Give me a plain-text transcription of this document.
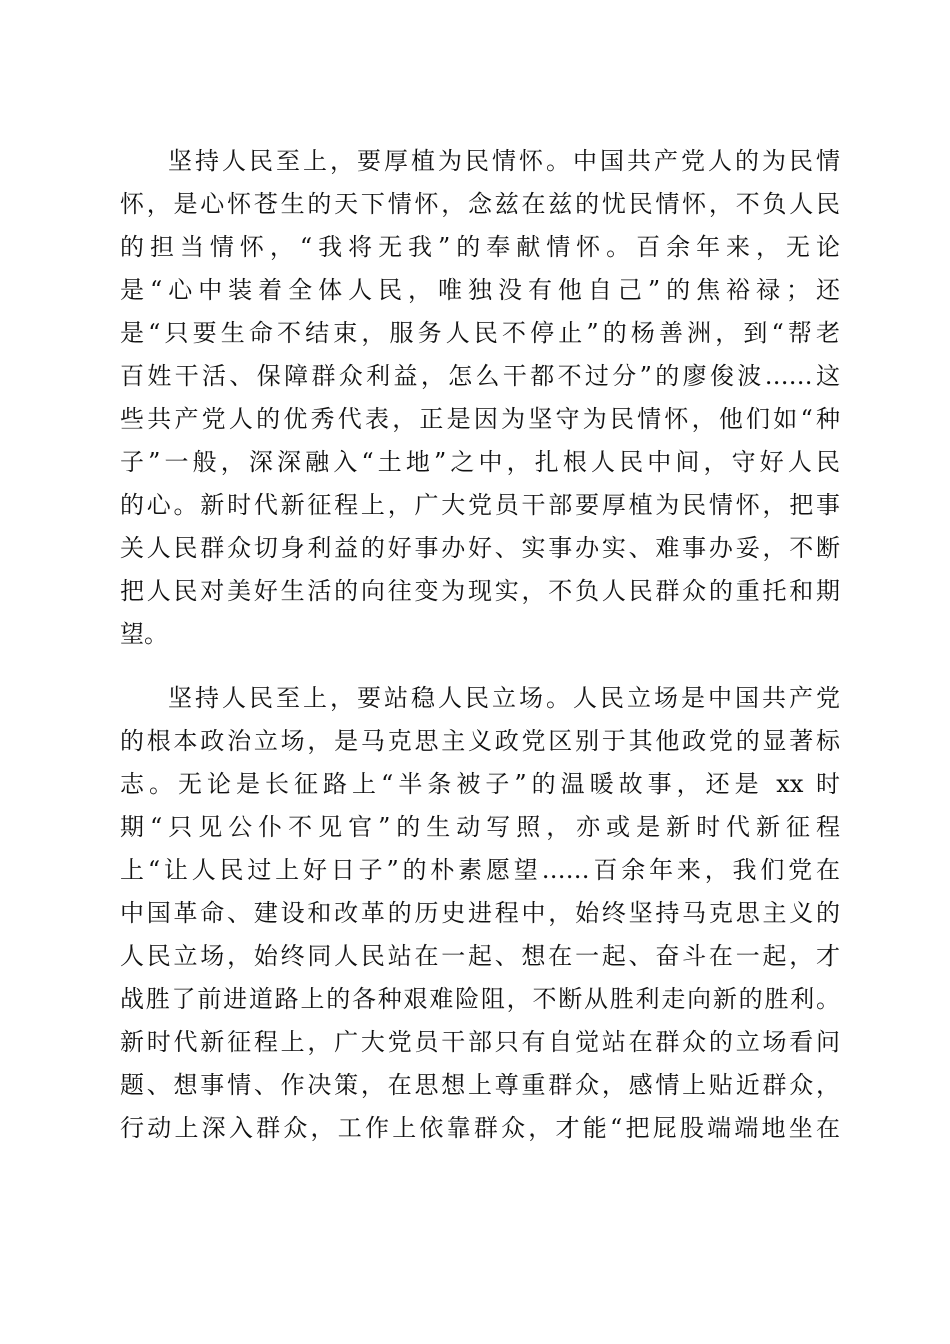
坚持人民至上，要厚植为民情怀。中国共产党人的为民情

怀，是心怀苍生的天下情怀，念兹在兹的忧民情怀，不负人民

的担当情怀，“我将无我”的奉献情怀。百余年来，无论

是“心中装着全体人民，唯独没有他自己”的焦裕禄；还

是“只要生命不结束，服务人民不停止”的杨善洲，到“帮老

百姓干活、保障群众利益，怎么干都不过分”的廖俊波……这

些共产党人的优秀代表，正是因为坚守为民情怀，他们如“种

子”一般，深深融入“土地”之中，扎根人民中间，守好人民

的心。新时代新征程上，广大党员干部要厚植为民情怀，把事

关人民群众切身利益的好事办好、实事办实、难事办妥，不断

把人民对美好生活的向往变为现实，不负人民群众的重托和期

望。

坚持人民至上，要站稳人民立场。人民立场是中国共产党

的根本政治立场，是马克思主义政党区别于其他政党的显著标

志。无论是长征路上“半条被子”的温暖故事，还是 xx 时

期“只见公仆不见官”的生动写照，亦或是新时代新征程

上“让人民过上好日子”的朴素愿望……百余年来，我们党在

中国革命、建设和改革的历史进程中，始终坚持马克思主义的

人民立场，始终同人民站在一起、想在一起、奋斗在一起，才

战胜了前进道路上的各种艰难险阻，不断从胜利走向新的胜利。

新时代新征程上，广大党员干部只有自觉站在群众的立场看问

题、想事情、作决策，在思想上尊重群众，感情上贴近群众，

行动上深入群众，工作上依靠群众，才能“把屁股端端地坐在
